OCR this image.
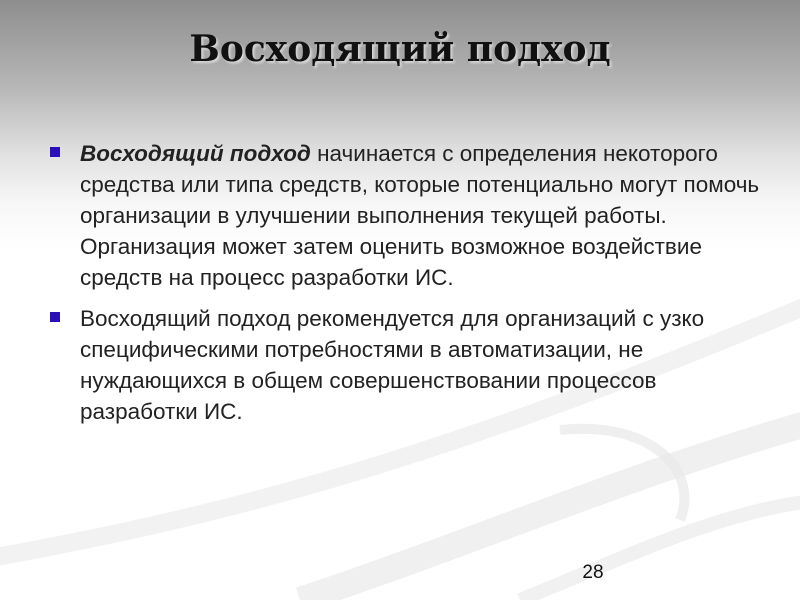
Восходящий подход
Восходящий подход начинается с определения некоторого средства или типа средств, которые потенциально могут помочь организации в улучшении выполнения текущей работы. Организация может затем оценить возможное воздействие средств на процесс разработки ИС.
Восходящий подход рекомендуется для организаций с узко специфическими потребностями в автоматизации, не нуждающихся в общем совершенствовании процессов разработки ИС.
28
